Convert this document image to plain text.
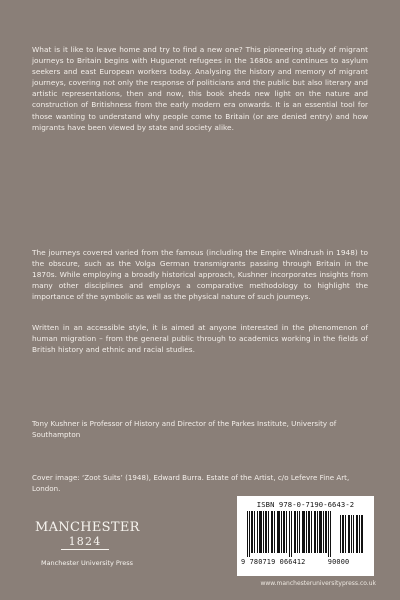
What is it like to leave home and try to find a new one? This pioneering study of migrant journeys to Britain begins with Huguenot refugees in the 1680s and continues to asylum seekers and east European workers today. Analysing the history and memory of migrant journeys, covering not only the response of politicians and the public but also literary and artistic representations, then and now, this book sheds new light on the nature and construction of Britishness from the early modern era onwards. It is an essential tool for those wanting to understand why people come to Britain (or are denied entry) and how migrants have been viewed by state and society alike.

The journeys covered varied from the famous (including the Empire Windrush in 1948) to the obscure, such as the Volga German transmigrants passing through Britain in the 1870s. While employing a broadly historical approach, Kushner incorporates insights from many other disciplines and employs a comparative methodology to highlight the importance of the symbolic as well as the physical nature of such journeys.

Written in an accessible style, it is aimed at anyone interested in the phenomenon of human migration – from the general public through to academics working in the fields of British history and ethnic and racial studies.

Tony Kushner is Professor of History and Director of the Parkes Institute, University of Southampton

Cover image: ‘Zoot Suits’ (1948), Edward Burra. Estate of the Artist, c/o Lefevre Fine Art, London.

MANCHESTER
1824
Manchester University Press
ISBN 978-0-7190-6643-2
9 780719 066412	90000
www.manchesteruniversitypress.co.uk
